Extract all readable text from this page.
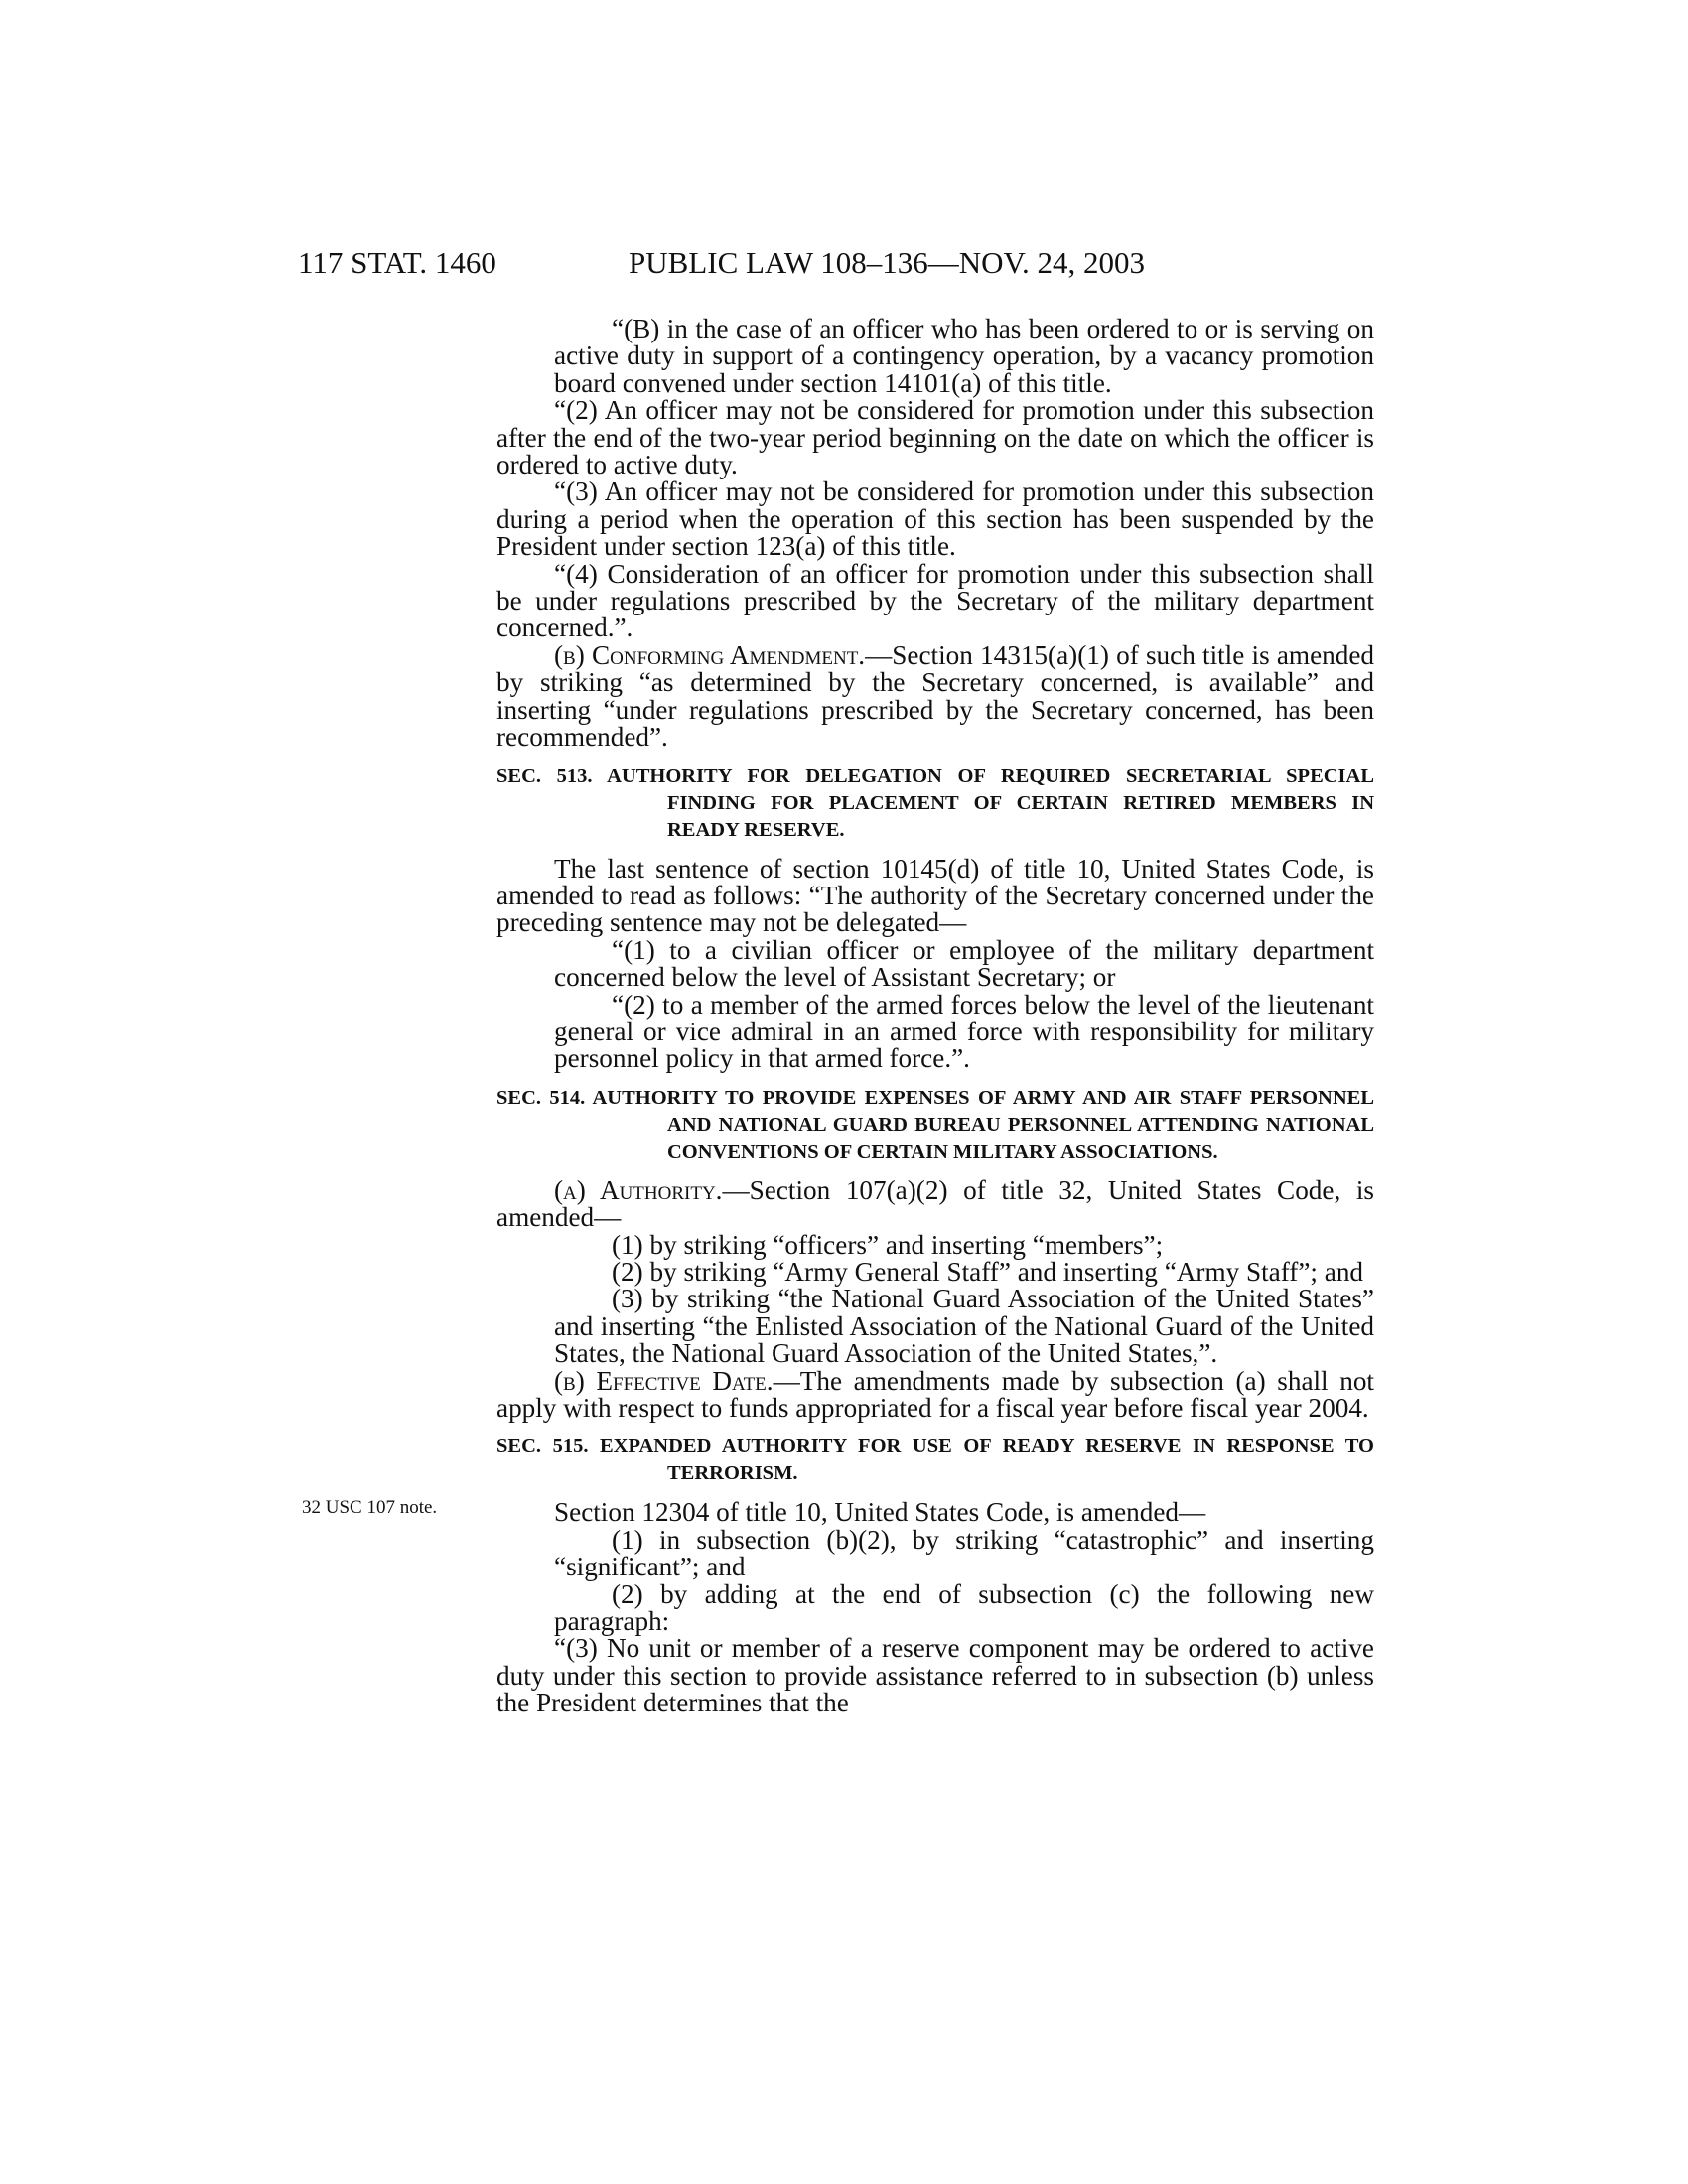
117 STAT. 1460	PUBLIC LAW 108–136—NOV. 24, 2003
32 USC 107 note.

“(B) in the case of an officer who has been ordered to or is serving on active duty in support of a contingency operation, by a vacancy promotion board convened under section 14101(a) of this title.

“(2) An officer may not be considered for promotion under this subsection after the end of the two-year period beginning on the date on which the officer is ordered to active duty.

“(3) An officer may not be considered for promotion under this subsection during a period when the operation of this section has been suspended by the President under section 123(a) of this title.

“(4) Consideration of an officer for promotion under this subsection shall be under regulations prescribed by the Secretary of the military department concerned.”.

(b) Conforming Amendment.—Section 14315(a)(1) of such title is amended by striking “as determined by the Secretary concerned, is available” and inserting “under regulations prescribed by the Secretary concerned, has been recommended”.

SEC. 513. AUTHORITY FOR DELEGATION OF REQUIRED SECRETARIAL SPECIAL FINDING FOR PLACEMENT OF CERTAIN RETIRED MEMBERS IN READY RESERVE.

The last sentence of section 10145(d) of title 10, United States Code, is amended to read as follows: “The authority of the Secretary concerned under the preceding sentence may not be delegated—

“(1) to a civilian officer or employee of the military department concerned below the level of Assistant Secretary; or

“(2) to a member of the armed forces below the level of the lieutenant general or vice admiral in an armed force with responsibility for military personnel policy in that armed force.”.

SEC. 514. AUTHORITY TO PROVIDE EXPENSES OF ARMY AND AIR STAFF PERSONNEL AND NATIONAL GUARD BUREAU PERSONNEL ATTENDING NATIONAL CONVENTIONS OF CERTAIN MILITARY ASSOCIATIONS.

(a) Authority.—Section 107(a)(2) of title 32, United States Code, is amended—

(1) by striking “officers” and inserting “members”;

(2) by striking “Army General Staff” and inserting “Army Staff”; and

(3) by striking “the National Guard Association of the United States” and inserting “the Enlisted Association of the National Guard of the United States, the National Guard Association of the United States,”.

(b) Effective Date.—The amendments made by subsection (a) shall not apply with respect to funds appropriated for a fiscal year before fiscal year 2004.

SEC. 515. EXPANDED AUTHORITY FOR USE OF READY RESERVE IN RESPONSE TO TERRORISM.

Section 12304 of title 10, United States Code, is amended—

(1) in subsection (b)(2), by striking “catastrophic” and inserting “significant”; and

(2) by adding at the end of subsection (c) the following new paragraph:

“(3) No unit or member of a reserve component may be ordered to active duty under this section to provide assistance referred to in subsection (b) unless the President determines that the
